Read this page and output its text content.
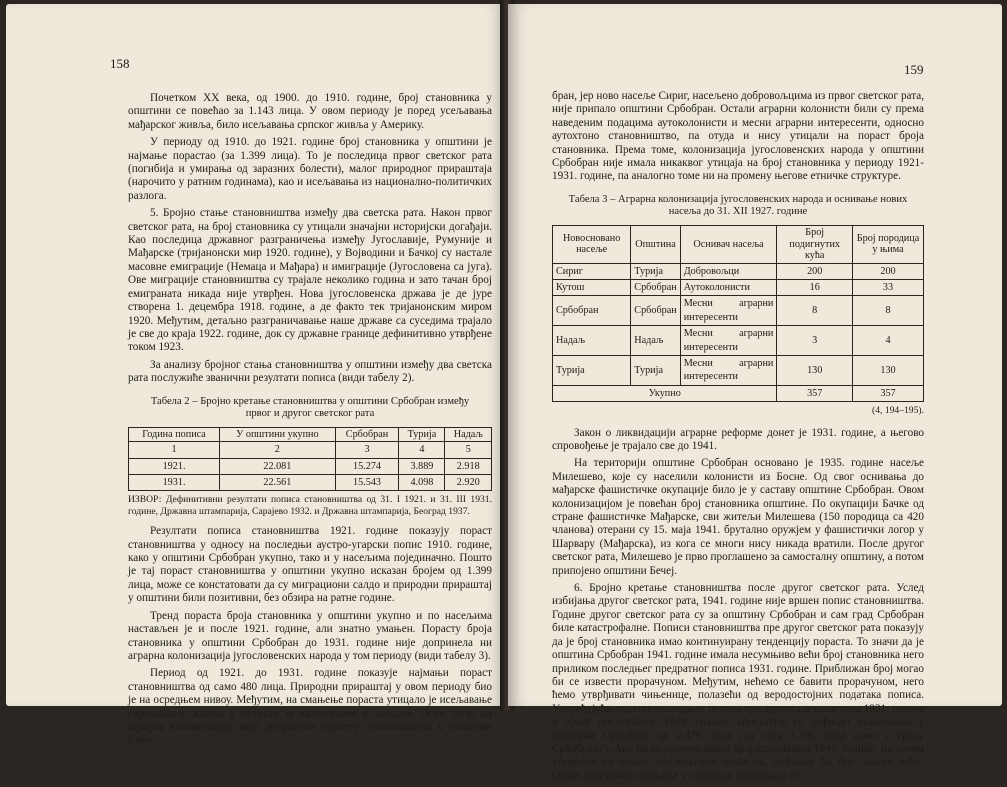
158

Почетком XX века, од 1900. до 1910. године, број становника у општини се повећао за 1.143 лица. У овом периоду је поред усељавања мађарског живља, било исељавања српског живља у Америку.

У периоду од 1910. до 1921. године број становника у општини је најмање порастао (за 1.399 лица). То је последица првог светског рата (погибија и умирања од заразних болести), малог природног прираштаја (нарочито у ратним годинама), као и исељавања из национално-политичких разлога.

5. Бројно стање становништва између два светска рата. Након првог светског рата, на број становника су утицали значајни историјски догађаји. Као последица државног разграничења између Југославије, Румуније и Мађарске (тријанонски мир 1920. године), у Војводини и Бачкој су настале масовне емиграције (Немаца и Мађара) и имиграције (Југословена са југа). Ове миграције становништва су трајале неколико година и зато тачан број емиграната никада није утврђен. Нова југословенска држава је де јуре створена 1. децембра 1918. године, а де факто тек тријанонским миром 1920. Међутим, детаљно разграничавање наше државе са суседима трајало је све до краја 1922. године, док су државне границе дефинитивно утврђене током 1923.

За анализу бројног стања становништва у општини између два светска рата послужиће званични резултати пописа (види табелу 2).

Табела 2 – Бројно кретање становништва у општини Србобран између првог и другог светског рата
Година пописа	У општини укупно	Србобран	Турија	Надаљ
1	2	3	4	5
1921.	22.081	15.274	3.889	2.918
1931.	22.561	15.543	4.098	2.920
ИЗВОР: Дефинитивни резултати пописа становништва од 31. I 1921. и 31. III 1931. године, Државна штампарија, Сарајево 1932. и Државна штампарија, Београд 1937.

Резултати пописа становништва 1921. године показују пораст становништва у односу на последњи аустро-угарски попис 1910. године, како у општини Србобран укупно, тако и у насељима појединачно. Пошто је тај пораст становништва у општини укупно исказан бројем од 1.399 лица, може се констатовати да су миграциони салдо и природни прираштај у општини били позитивни, без обзира на ратне године.

Тренд пораста броја становника у општини укупно и по насељима настављен је и после 1921. године, али знатно умањен. Порасту броја становника у општини Србобран до 1931. године није допринела ни аграрна колонизација југословенских народа у том периоду (види табелу 3).

Период од 1921. до 1931. године показује најмањи пораст становништва од само 480 лица. Природни прираштај у овом периоду био је на осредњем нивоу. Међутим, на смањење пораста утицало је исељавање сиромашног живља у потрази за запослењем и зарадом. Осим тога, ни аграрна колонизација није допринела порасту становништва у општини Србо-

159

бран, јер ново насеље Сириг, насељено добровољцима из првог светског рата, није припало општини Србобран. Остали аграрни колонисти били су према наведеним подацима аутоколонисти и месни аграрни интересенти, односно аутохтоно становништво, па отуда и нису утицали на пораст броја становника. Према томе, колонизација југословенских народа у општини Србобран није имала никаквог утицаја на број становника у периоду 1921-1931. године, па аналогно томе ни на промену његове етничке структуре.

Табела 3 – Аграрна колонизација југословенских народа и оснивање нових насеља до 31. XII 1927. године
Новосновано насеље	Општина	Оснивач насеља	Број подигнутих кућа	Број породица у њима
Сириг	Турија	Добровољци	200	200
Кутош	Србобран	Аутоколонисти	16	33
Србобран	Србобран	Месни аграрни интересенти	8	8
Надаљ	Надаљ	Месни аграрни интересенти	3	4
Турија	Турија	Месни аграрни интересенти	130	130
Укупно			357	357
(4, 194–195).

Закон о ликвидацији аграрне реформе донет је 1931. године, а његово спровођење је трајало све до 1941.

На територији општине Србобран основано је 1935. године насеље Милешево, које су населили колонисти из Босне. Од свог оснивања до мађарске фашистичке окупације било је у саставу општине Србобран. Овом колонизацијом је повећан број становника општине. По окупацији Бачке од стране фашистичке Мађарске, сви житељи Милешева (150 породица са 420 чланова) отерани су 15. маја 1941. брутално оружјем у фашистички логор у Шарвару (Мађарска), из кога се многи нису никада вратили. После другог светског рата, Милешево је прво проглашено за самосталну општину, а потом припојено општини Бечеј.

6. Бројно кретање становништва после другог светског рата. Услед избијања другог светског рата, 1941. године није вршен попис становништва. Године другог светског рата су за општину Србобран и сам град Србобран биле катастрофалне. Пописи становништва пре другог светског рата показују да је број становника имао континуирану тенденцију пораста. То значи да је општина Србобран 1941. године имала несумњиво већи број становника него приликом последњег предратног пописа 1931. године. Приближан број могао би се извести прорачуном. Међутим, нећемо се бавити прорачуном, него ћемо утврђивати чињенице, полазећи од веродостојних података пописа. Упоређујући податке последњег пописа пре другог светског рата 1931. године и првог послератног 1948. године, констатује се дефицит становника у општини Србобран од 2.479 лица (од тога 1.796 лица само у граду Србобрану). Ако би се прорачунавао број становника 1941. године, па потом упоредио са првим послератним пописом, дефицит би био знатно већи. Овако драстично смањење у општини објашњава се
